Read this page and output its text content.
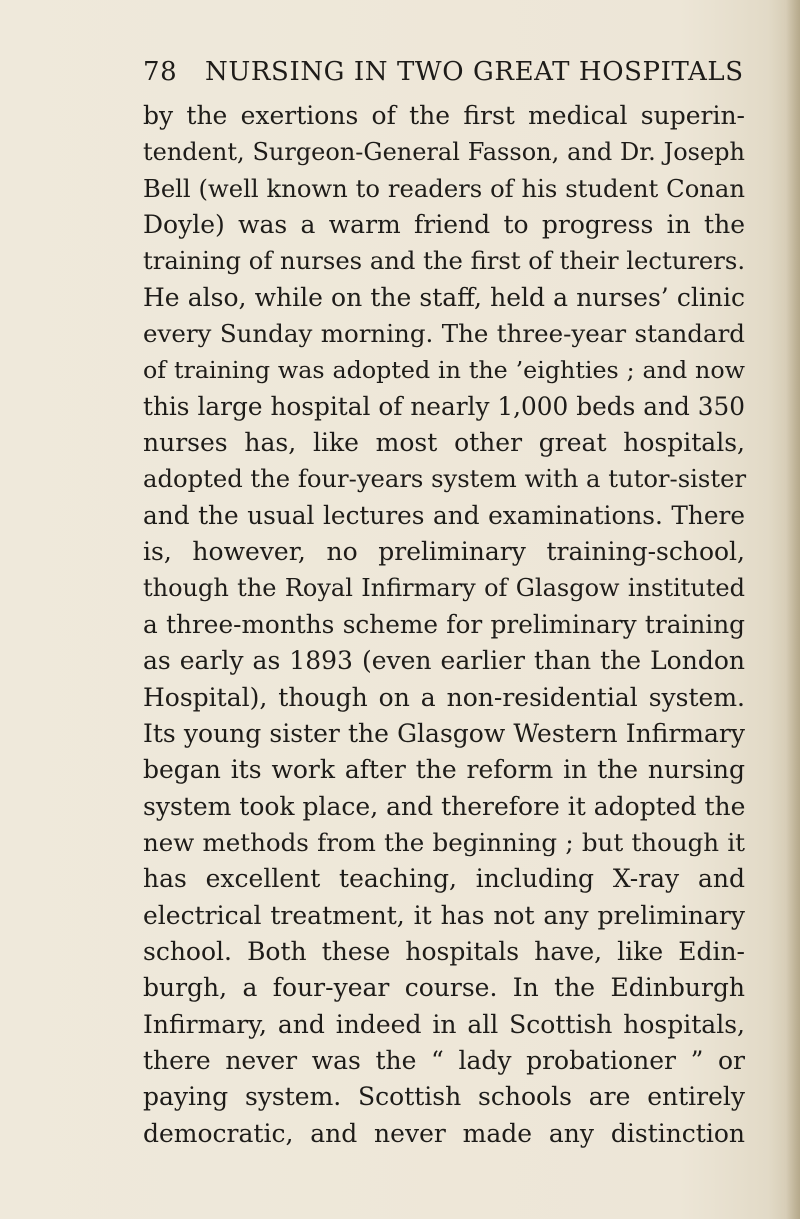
78 NURSING IN TWO GREAT HOSPITALS
by the exertions of the first medical superin-
tendent, Surgeon-General Fasson, and Dr. Joseph
Bell (well known to readers of his student Conan
Doyle) was a warm friend to progress in the
training of nurses and the first of their lecturers.
He also, while on the staff, held a nurses’ clinic
every Sunday morning. The three-year standard
of training was adopted in the ’eighties ; and now
this large hospital of nearly 1,000 beds and 350
nurses has, like most other great hospitals,
adopted the four-years system with a tutor-sister
and the usual lectures and examinations. There
is, however, no preliminary training-school,
though the Royal Infirmary of Glasgow instituted
a three-months scheme for preliminary training
as early as 1893 (even earlier than the London
Hospital), though on a non-residential system.
Its young sister the Glasgow Western Infirmary
began its work after the reform in the nursing
system took place, and therefore it adopted the
new methods from the beginning ; but though it
has excellent teaching, including X-ray and
electrical treatment, it has not any preliminary
school. Both these hospitals have, like Edin-
burgh, a four-year course. In the Edinburgh
Infirmary, and indeed in all Scottish hospitals,
there never was the “ lady probationer ” or
paying system. Scottish schools are entirely
democratic, and never made any distinction
